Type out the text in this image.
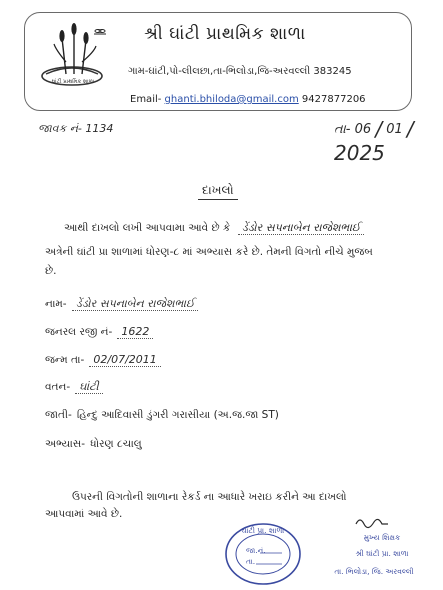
ઘાંટી પ્રાથમિક શાળા
શ્રી ઘાંટી પ્રાથમિક શાળા
ગામ-ઘાંટી,પો-લીલછા,તા-ભિલોડા,જિ-અરવલ્લી 383245
Email- ghanti.bhiloda@gmail.com 9427877206
જાવક નં- 1134	તા- 06 / 01 / 2025
દાખલો
આથી દાખલો લખી આપવામા આવે છે કે ડેંડોર સપનાબેન રાજેશભાઈ
અત્રેની ઘાંટી પ્રા શાળામાં ધોરણ-૮ માં અભ્યાસ કરે છે. તેમની વિગતો નીચે મુજબ
છે.
નામ- ડેંડોર સપનાબેન રાજેશભાઈ
જનરલ રજી નં- 1622
જન્મ તા- 02/07/2011
વતન- ઘાંટી
જાતી- હિન્દુ આદિવાસી ડુંગરી ગરાસીયા (અ.જ.જા ST)
અભ્યાસ- ધોરણ ૮ચાલુ
ઉપરની વિગતોની શાળાના રેકર્ડ ના આધારે ખરાઇ કરીને આ દાખલો
આપવામાં આવે છે.
ઘાંટી પ્રા. શાળા
જા.નં.
તા.
મુખ્ય શિક્ષક
શ્રી ઘાંટી પ્રા. શાળા
તા. ભિલોડા, જિ. અરવલ્લી
